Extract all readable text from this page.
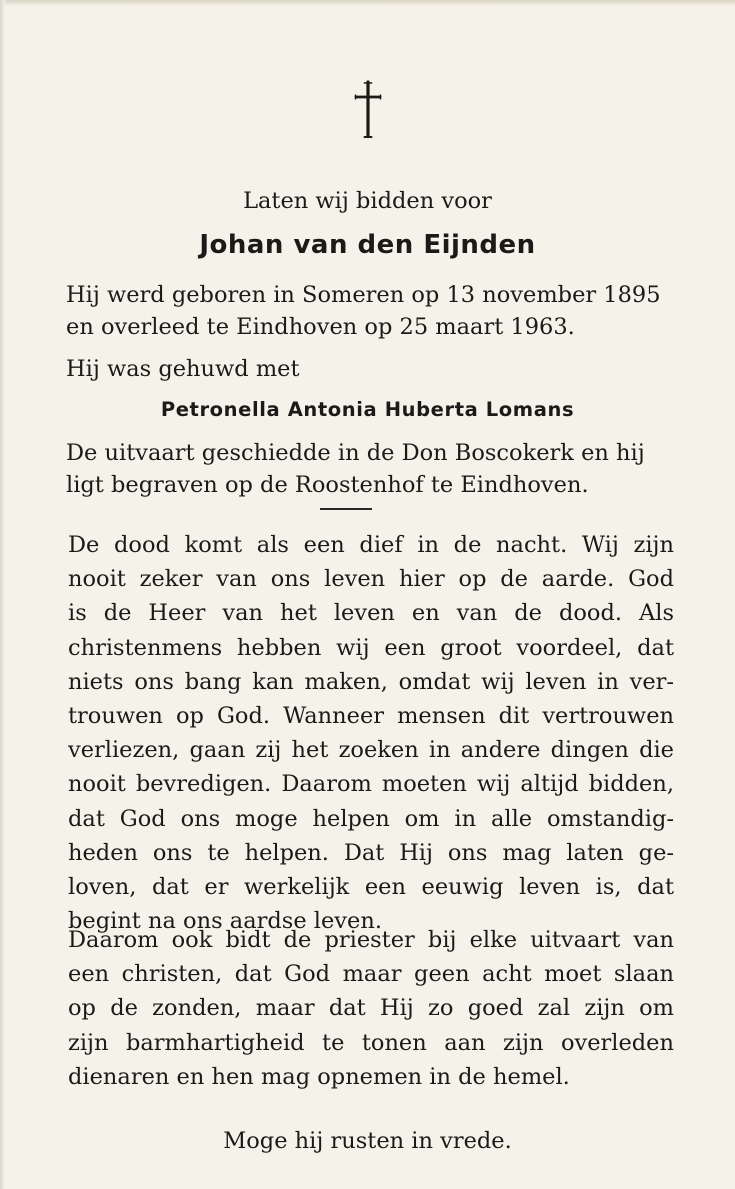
Laten wij bidden voor
Johan van den Eijnden
Hij werd geboren in Someren op 13 november 1895
en overleed te Eindhoven op 25 maart 1963.
Hij was gehuwd met
Petronella Antonia Huberta Lomans
De uitvaart geschiedde in de Don Boscokerk en hij
ligt begraven op de Roostenhof te Eindhoven.
De dood komt als een dief in de nacht. Wij zijn
nooit zeker van ons leven hier op de aarde. God
is de Heer van het leven en van de dood. Als
christenmens hebben wij een groot voordeel, dat
niets ons bang kan maken, omdat wij leven in ver-
trouwen op God. Wanneer mensen dit vertrouwen
verliezen, gaan zij het zoeken in andere dingen die
nooit bevredigen. Daarom moeten wij altijd bidden,
dat God ons moge helpen om in alle omstandig-
heden ons te helpen. Dat Hij ons mag laten ge-
loven, dat er werkelijk een eeuwig leven is, dat
begint na ons aardse leven.
Daarom ook bidt de priester bij elke uitvaart van
een christen, dat God maar geen acht moet slaan
op de zonden, maar dat Hij zo goed zal zijn om
zijn barmhartigheid te tonen aan zijn overleden
dienaren en hen mag opnemen in de hemel.
Moge hij rusten in vrede.
